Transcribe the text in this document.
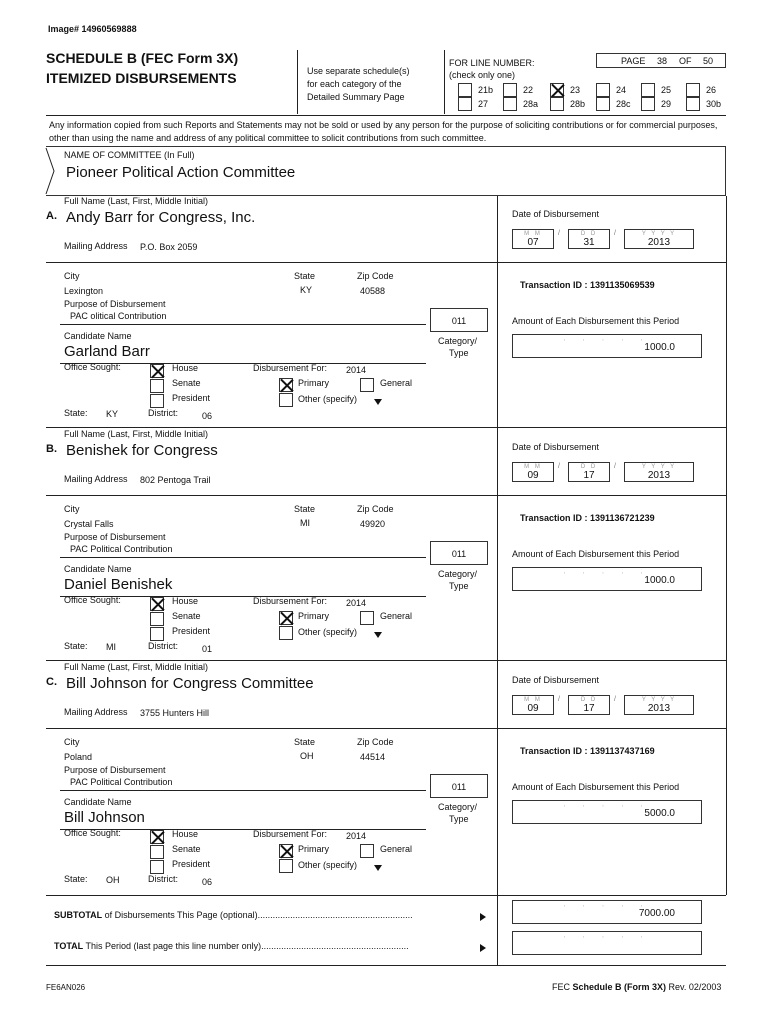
Image# 14960569888
SCHEDULE B (FEC Form 3X)
ITEMIZED DISBURSEMENTS	Use separate schedule(s)
for each category of the
Detailed Summary Page
FOR LINE NUMBER:
(check only one)
PAGE 38 OF 50
21b	22	23	24	25	26
27	28a	28b	28c	29	30b
Any information copied from such Reports and Statements may not be sold or used by any person for the purpose of soliciting contributions or for commercial purposes, other than using the name and address of any political committee to solicit contributions from such committee.
NAME OF COMMITTEE (In Full)
Pioneer Political Action Committee
Full Name (Last, First, Middle Initial)
A. Andy Barr for Congress, Inc.
Mailing Address P.O. Box 2059
City
Lexington
State
KY
Zip Code
40588
Purpose of Disbursement
PAC olitical Contribution	011
Category/
Type
Candidate Name
Garland Barr
Office Sought:	House
Senate
President
State: KY	District:	06
Disbursement For: 2014
Primary	General
Other (specify)
Date of Disbursement
M M
07
/	D D
31
/	Y Y Y Y
2013
Transaction ID : 1391135069539
Amount of Each Disbursement this Period
, , , , ,
1000.0
Full Name (Last, First, Middle Initial)
B. Benishek for Congress
Mailing Address 802 Pentoga Trail
City
Crystal Falls
State
MI
Zip Code
49920
Purpose of Disbursement
PAC Political Contribution	011
Category/
Type
Candidate Name
Daniel Benishek
Office Sought:	House
Senate
President
State: MI	District:	01
Disbursement For: 2014
Primary	General
Other (specify)
Date of Disbursement
M M
09
/	D D
17
/	Y Y Y Y
2013
Transaction ID : 1391136721239
Amount of Each Disbursement this Period
, , , , ,
1000.0
Full Name (Last, First, Middle Initial)
C. Bill Johnson for Congress Committee
Mailing Address 3755 Hunters Hill
City
Poland
State
OH
Zip Code
44514
Purpose of Disbursement
PAC Political Contribution	011
Category/
Type
Candidate Name
Bill Johnson
Office Sought:	House
Senate
President
State: OH	District:	06
Disbursement For: 2014
Primary	General
Other (specify)
Date of Disbursement
M M
09
/	D D
17
/	Y Y Y Y
2013
Transaction ID : 1391137437169
Amount of Each Disbursement this Period
, , , , ,
5000.0
SUBTOTAL of Disbursements This Page (optional)..............................................................
, , , , ,
7000.00
TOTAL This Period (last page this line number only)...........................................................
, , , , ,
FE6AN026	FEC Schedule B (Form 3X) Rev. 02/2003
